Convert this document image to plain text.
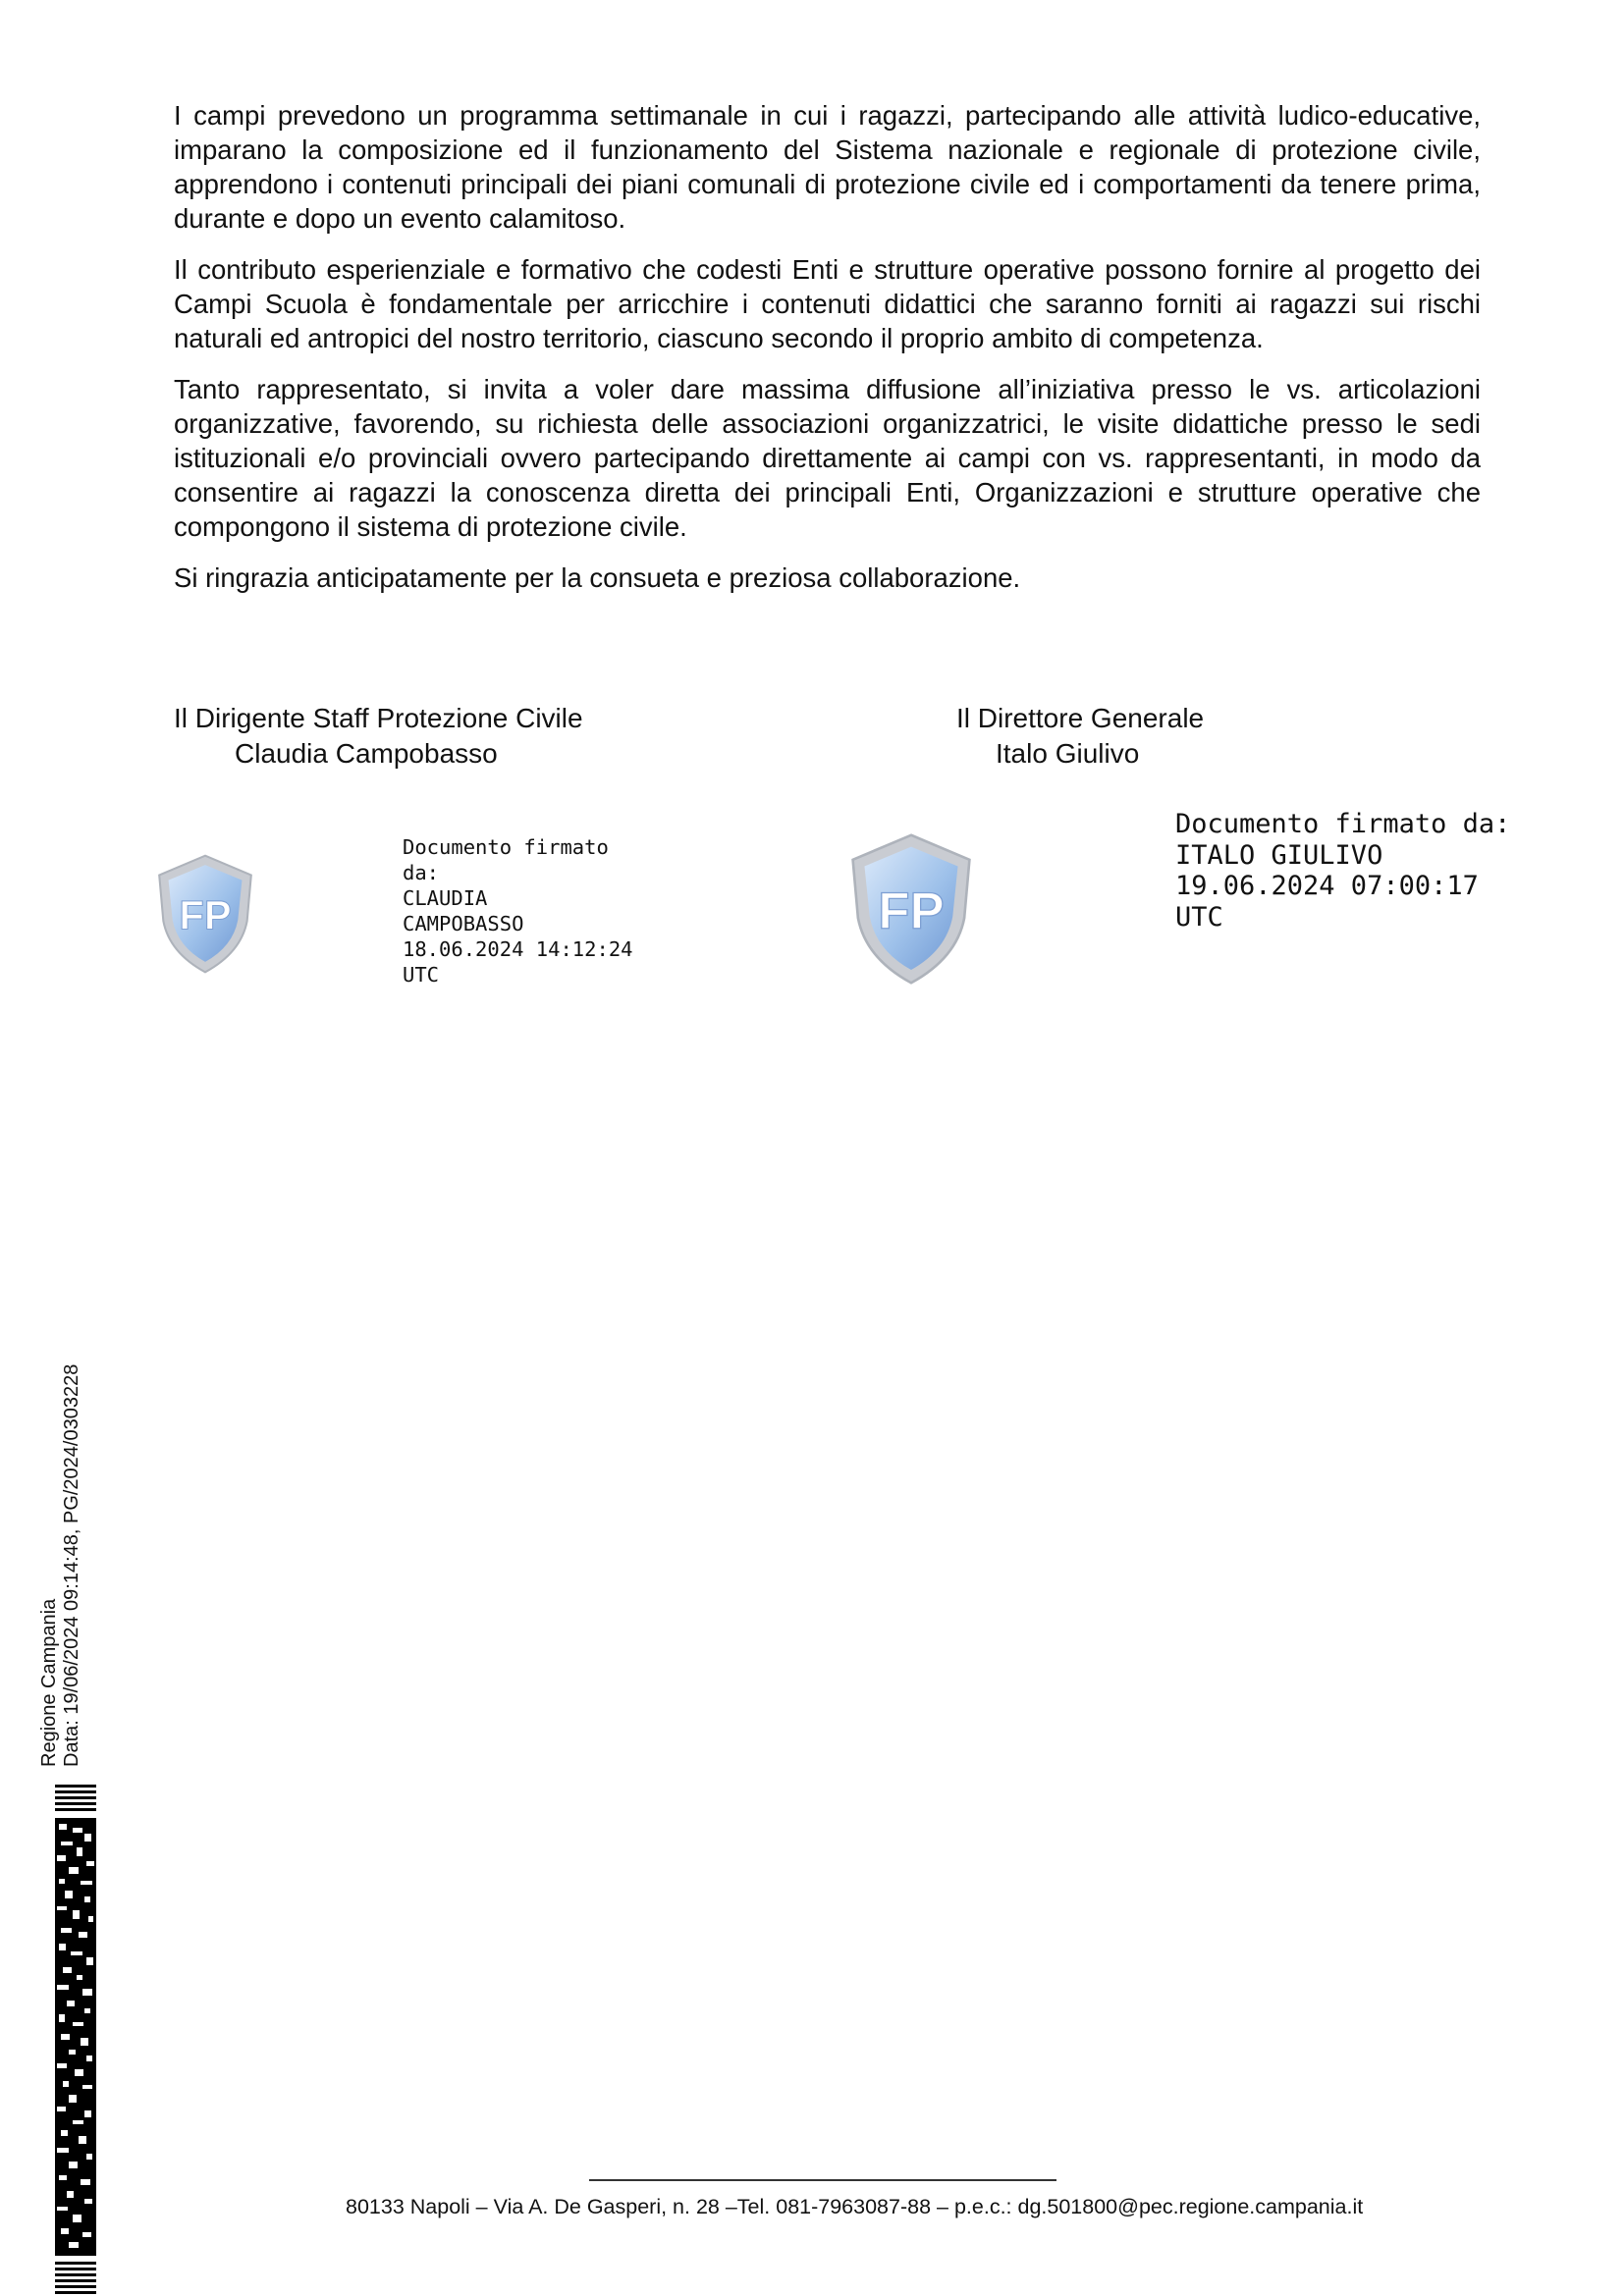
I campi prevedono un programma settimanale in cui i ragazzi, partecipando alle attività ludico-educative, imparano la composizione ed il funzionamento del Sistema nazionale e regionale di protezione civile, apprendono i contenuti principali dei piani comunali di protezione civile ed i comportamenti da tenere prima, durante e dopo un evento calamitoso.

Il contributo esperienziale e formativo che codesti Enti e strutture operative possono fornire al progetto dei Campi Scuola è fondamentale per arricchire i contenuti didattici che saranno forniti ai ragazzi sui rischi naturali ed antropici del nostro territorio, ciascuno secondo il proprio ambito di competenza.

Tanto rappresentato, si invita a voler dare massima diffusione all’iniziativa presso le vs. articolazioni organizzative, favorendo, su richiesta delle associazioni organizzatrici, le visite didattiche presso le sedi istituzionali e/o provinciali ovvero partecipando direttamente ai campi con vs. rappresentanti, in modo da consentire ai ragazzi la conoscenza diretta dei principali Enti, Organizzazioni e strutture operative che compongono il sistema di protezione civile.

Si ringrazia anticipatamente per la consueta e preziosa collaborazione.

Il Dirigente Staff Protezione Civile
Claudia Campobasso
Il Direttore Generale
Italo Giulivo
FP
Documento firmato
da:
CLAUDIA
CAMPOBASSO
18.06.2024 14:12:24
UTC
FP
Documento firmato da:
ITALO GIULIVO
19.06.2024 07:00:17
UTC
Regione Campania Data: 19/06/2024 09:14:48, PG/2024/0303228
80133 Napoli – Via A. De Gasperi, n. 28 –Tel. 081-7963087-88 – p.e.c.: dg.501800@pec.regione.campania.it
